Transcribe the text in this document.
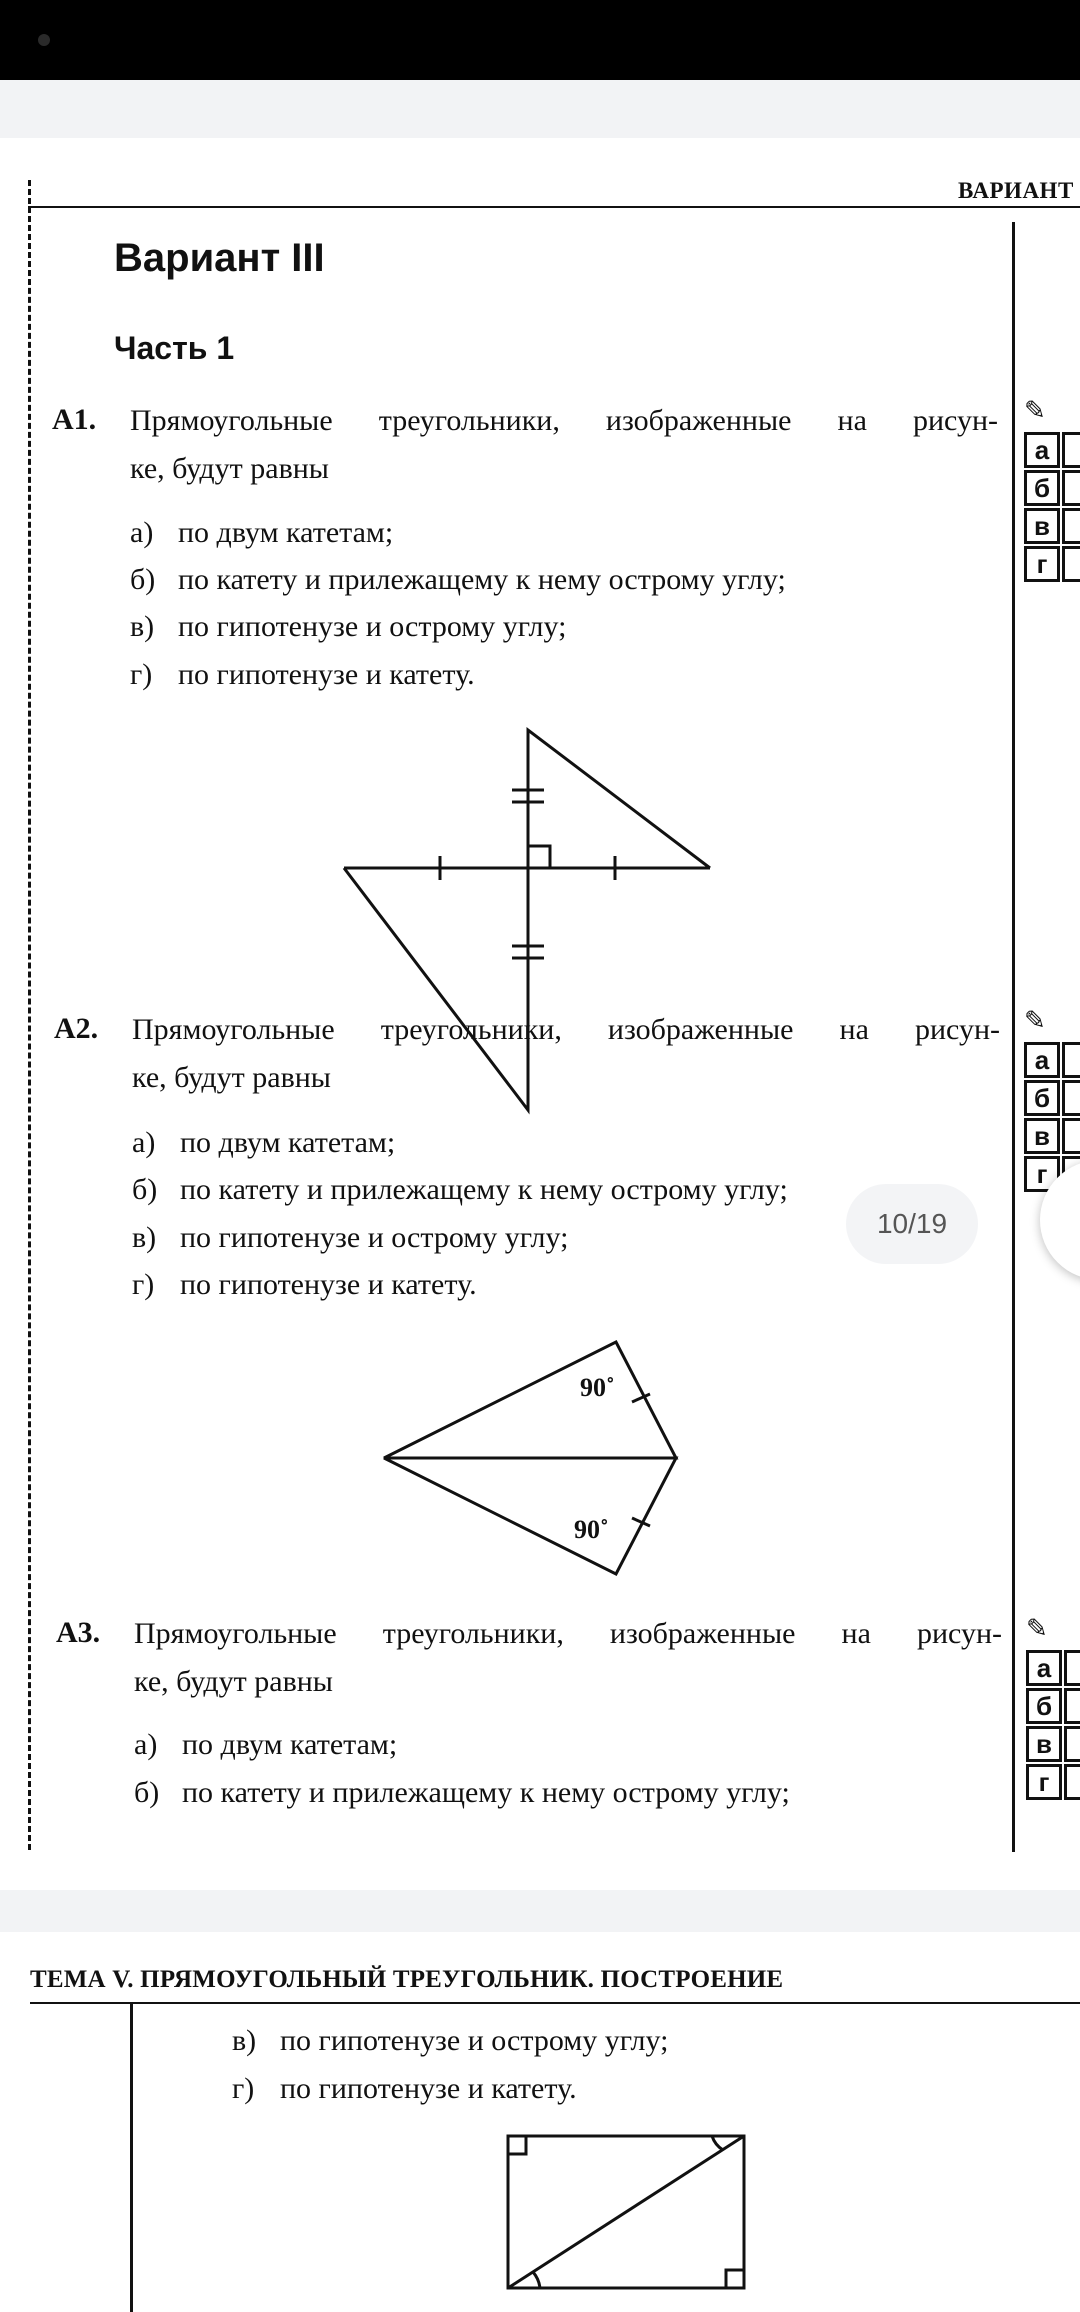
ВАРИАНТ
Вариант III
Часть 1
А1. Прямоугольные треугольники, изображенные на рисун-
ке, будут равны
а) по двум катетам;
б) по катету и прилежащему к нему острому углу;
в) по гипотенузе и острому углу;
г) по гипотенузе и катету.
А2. Прямоугольные треугольники, изображенные на рисун-
ке, будут равны
а) по двум катетам;
б) по катету и прилежащему к нему острому углу;
в) по гипотенузе и острому углу;
г) по гипотенузе и катету.
90˚
90˚
А3. Прямоугольные треугольники, изображенные на рисун-
ке, будут равны
а) по двум катетам;
б) по катету и прилежащему к нему острому углу;
✎
а
б
в
г
✎
а
б
в
г
✎
а
б
в
г
10/19
ТЕМА V. ПРЯМОУГОЛЬНЫЙ ТРЕУГОЛЬНИК. ПОСТРОЕНИЕ
в) по гипотенузе и острому углу;
г) по гипотенузе и катету.
